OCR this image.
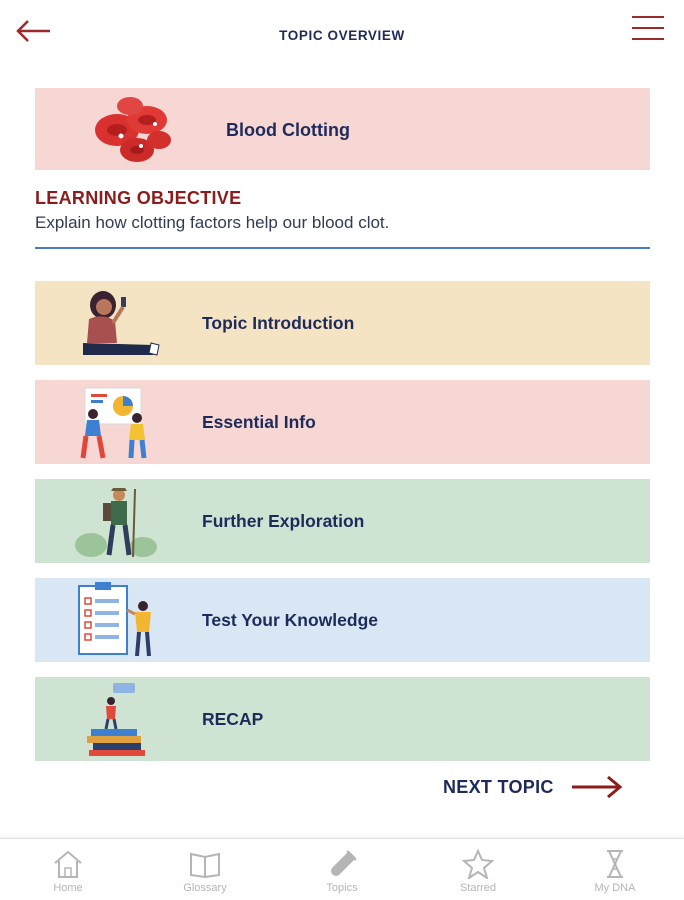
TOPIC OVERVIEW
Blood Clotting
LEARNING OBJECTIVE
Explain how clotting factors help our blood clot.
Topic Introduction
Essential Info
Further Exploration
Test Your Knowledge
RECAP
NEXT TOPIC
Home	Glossary	Topics	Starred	My DNA
